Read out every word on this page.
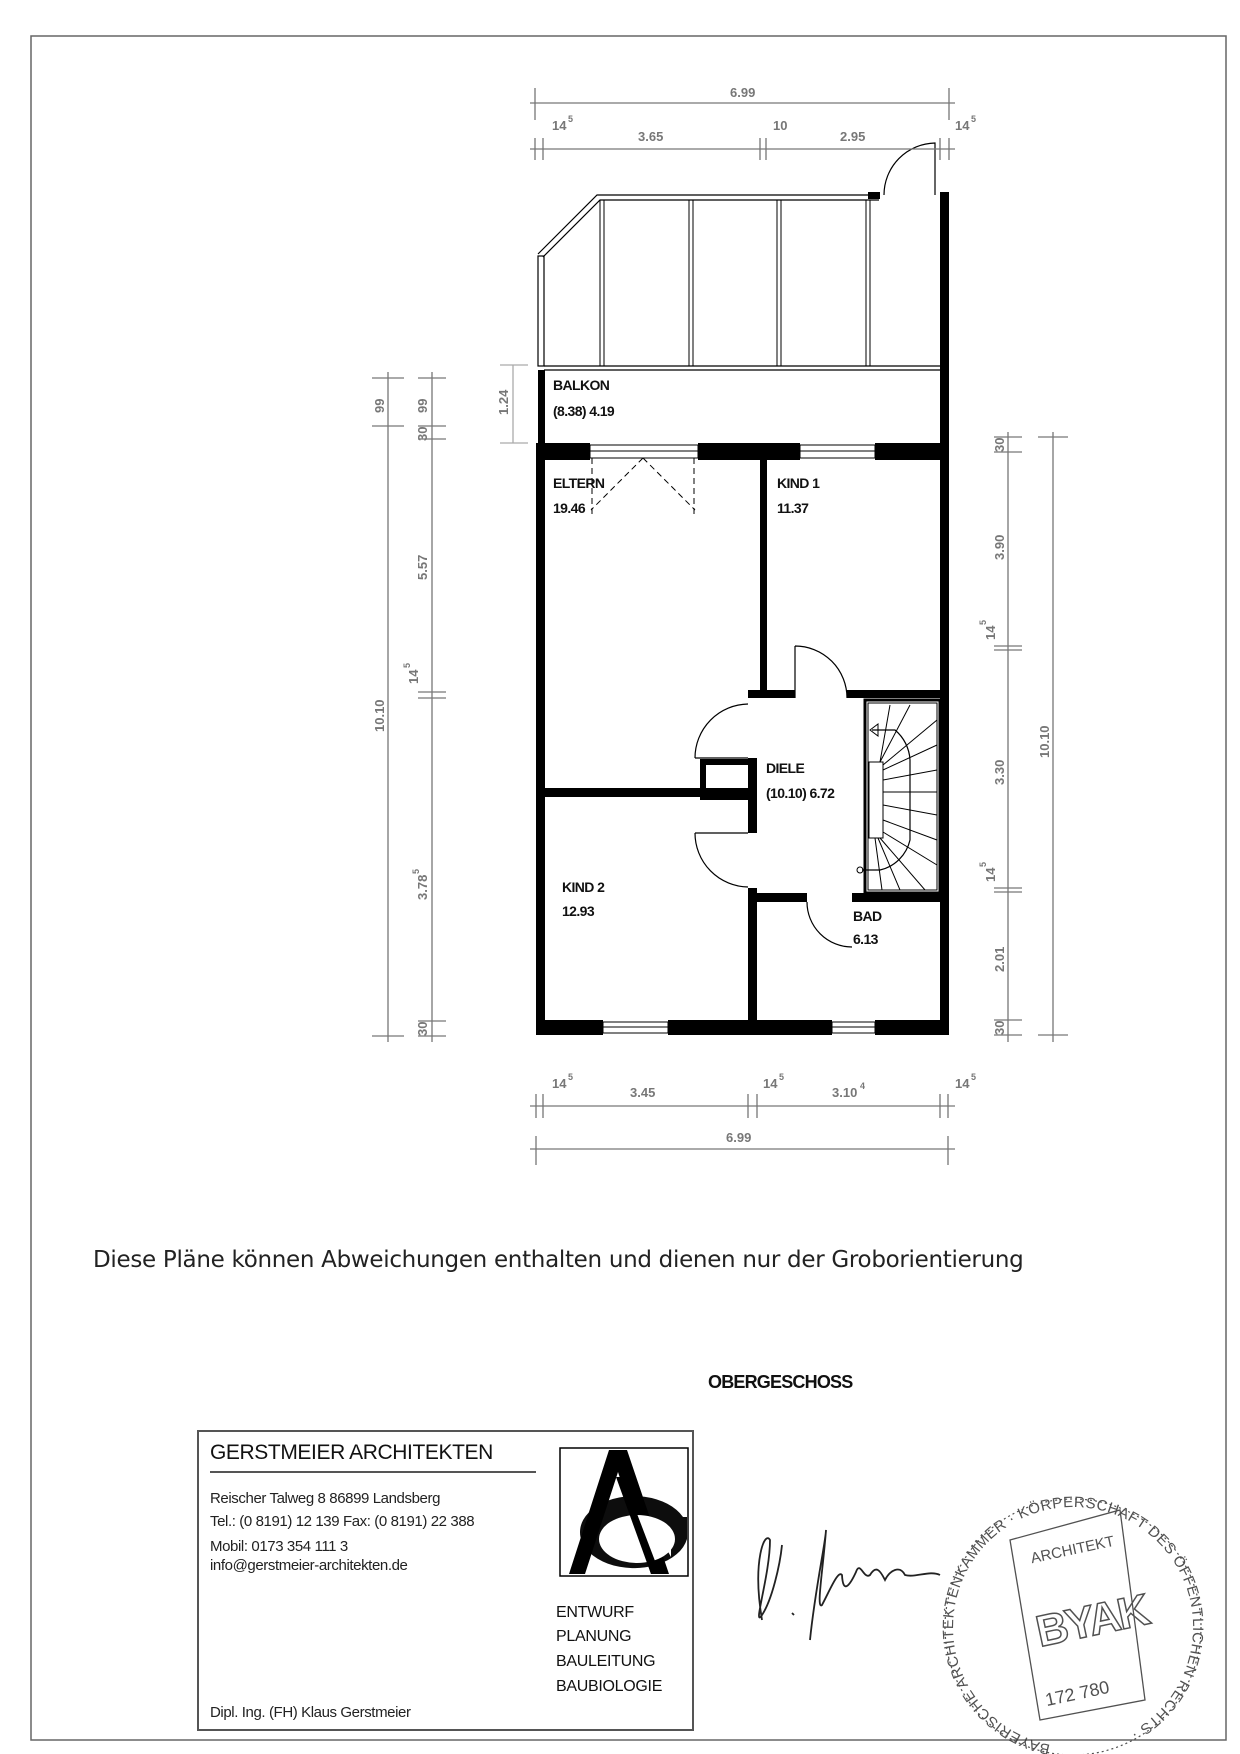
BALKON
(8.38) 4.19
ELTERN
19.46
KIND 1
11.37
DIELE
(10.10) 6.72
KIND 2
12.93	BAD
6.13
6.99
14 5
3.65
10
2.95
14 5
14 5
3.45
14 5
3.10 4	14 5
6.99
10.10
99 99	1.24
30
5.57
14
5
3.78
5
30
30
3.90
14
5
3.30
14
5
2.01
30
10.10
BAYERISCHE ARCHITEKTENKAMMER · KÖRPERSCHAFT DES ÖFFENTLICHEN RECHTS ·
ARCHITEKT
BYAK
172 780
Diese Pläne können Abweichungen enthalten und dienen nur der Groborientierung
OBERGESCHOSS
GERSTMEIER ARCHITEKTEN
Reischer Talweg 8 86899 Landsberg
Tel.: (0 8191) 12 139 Fax: (0 8191) 22 388
Mobil: 0173 354 111 3
info@gerstmeier-architekten.de
Dipl. Ing. (FH) Klaus Gerstmeier
ENTWURF
PLANUNG
BAULEITUNG
BAUBIOLOGIE
